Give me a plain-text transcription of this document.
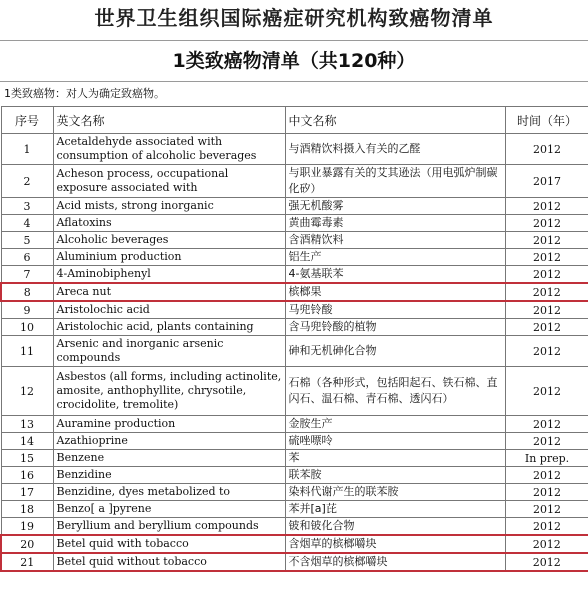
世界卫生组织国际癌症研究机构致癌物清单
1类致癌物清单（共120种）
1类致癌物：对人为确定致癌物。
序号	英文名称	中文名称	时间（年）
1	Acetaldehyde associated with consumption of alcoholic beverages	与酒精饮料摄入有关的乙醛	2012
2	Acheson process, occupational exposure associated with	与职业暴露有关的艾其逊法（用电弧炉制碳化矽）	2017
3	Acid mists, strong inorganic	强无机酸雾	2012
4	Aflatoxins	黄曲霉毒素	2012
5	Alcoholic beverages	含酒精饮料	2012
6	Aluminium production	铝生产	2012
7	4-Aminobiphenyl	4-氨基联苯	2012
8	Areca nut	槟榔果	2012
9	Aristolochic acid	马兜铃酸	2012
10	Aristolochic acid, plants containing	含马兜铃酸的植物	2012
11	Arsenic and inorganic arsenic compounds	砷和无机砷化合物	2012
12	Asbestos (all forms, including actinolite, amosite, anthophyllite, chrysotile, crocidolite, tremolite)	石棉（各种形式，包括阳起石、铁石棉、直闪石、温石棉、青石棉、透闪石）	2012
13	Auramine production	金胺生产	2012
14	Azathioprine	硫唑嘌呤	2012
15	Benzene	苯	In prep.
16	Benzidine	联苯胺	2012
17	Benzidine, dyes metabolized to	染料代谢产生的联苯胺	2012
18	Benzo[ a ]pyrene	苯并[a]芘	2012
19	Beryllium and beryllium compounds	铍和铍化合物	2012
20	Betel quid with tobacco	含烟草的槟榔嚼块	2012
21	Betel quid without tobacco	不含烟草的槟榔嚼块	2012
